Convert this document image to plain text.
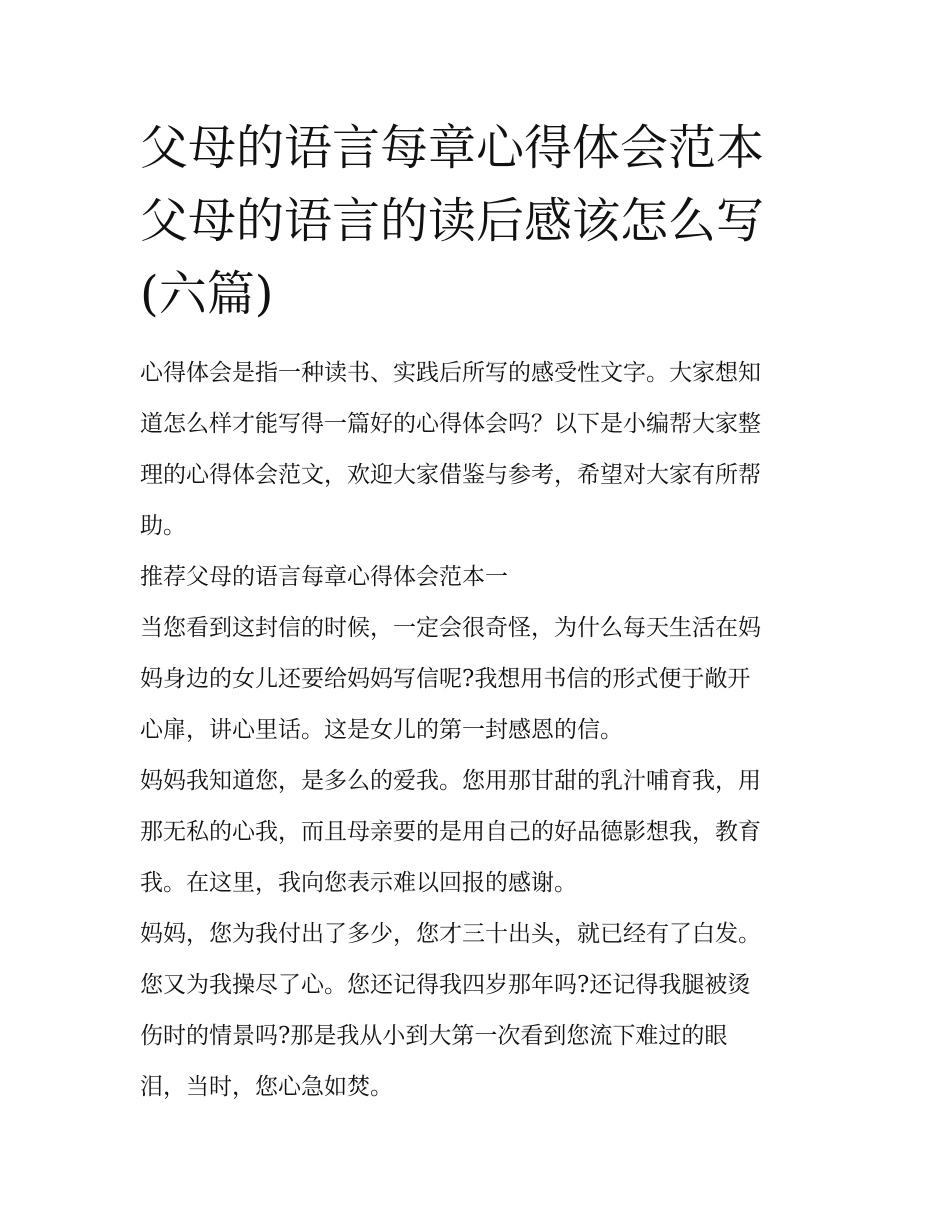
父母的语言每章心得体会范本
父母的语言的读后感该怎么写
(六篇)

心得体会是指一种读书、实践后所写的感受性文字。大家想知
道怎么样才能写得一篇好的心得体会吗？以下是小编帮大家整
理的心得体会范文，欢迎大家借鉴与参考，希望对大家有所帮
助。

推荐父母的语言每章心得体会范本一

当您看到这封信的时候，一定会很奇怪，为什么每天生活在妈
妈身边的女儿还要给妈妈写信呢?我想用书信的形式便于敞开
心扉，讲心里话。这是女儿的第一封感恩的信。

妈妈我知道您，是多么的爱我。您用那甘甜的乳汁哺育我，用
那无私的心我，而且母亲要的是用自己的好品德影想我，教育
我。在这里，我向您表示难以回报的感谢。

妈妈，您为我付出了多少，您才三十出头，就已经有了白发。
您又为我操尽了心。您还记得我四岁那年吗?还记得我腿被烫
伤时的情景吗?那是我从小到大第一次看到您流下难过的眼
泪，当时，您心急如焚。
